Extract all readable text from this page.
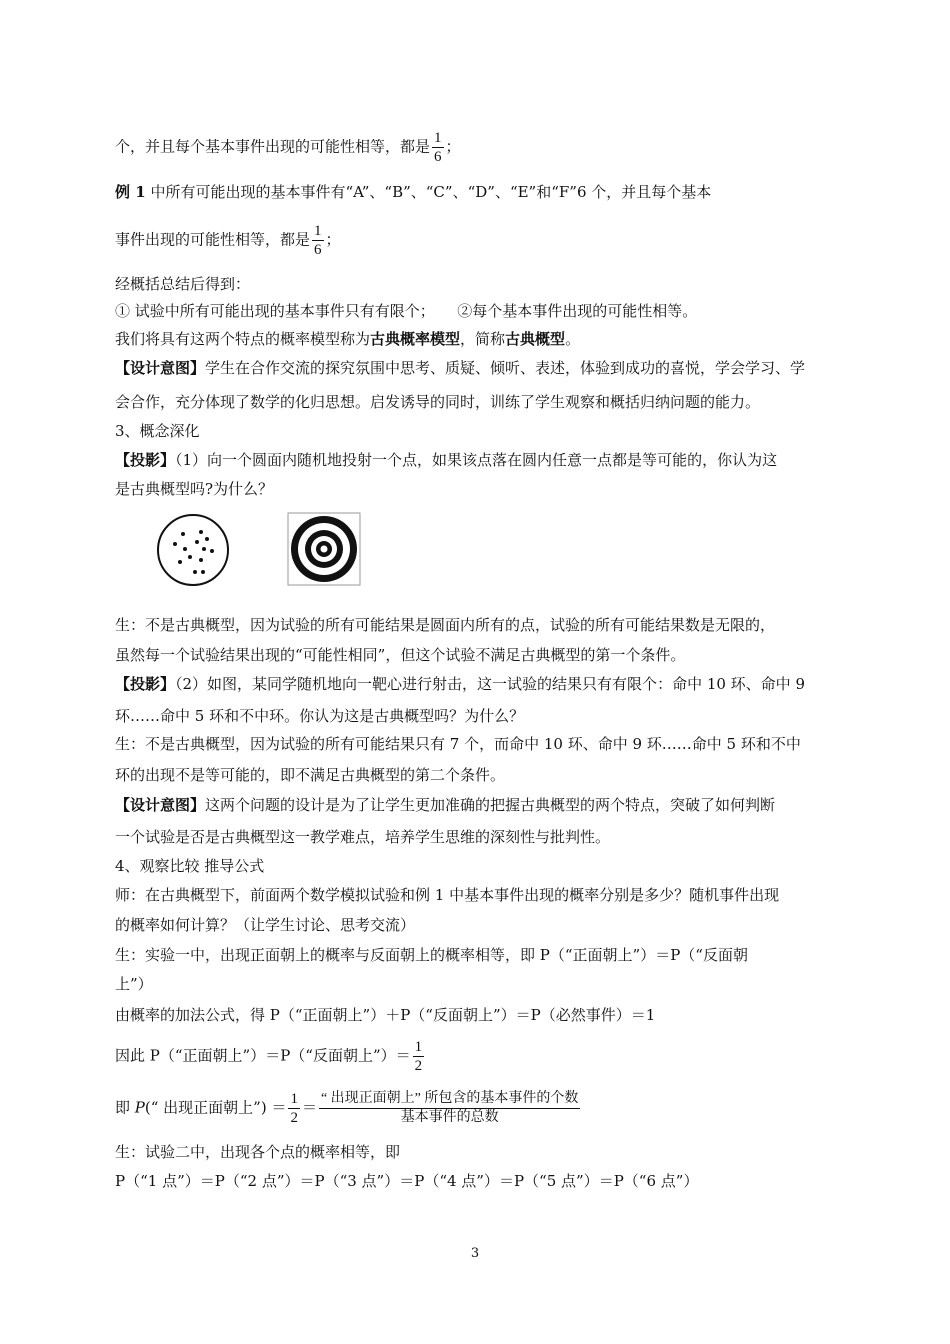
个，并且每个基本事件出现的可能性相等，都是 $\frac{1}{6}$ ；
例 1 中所有可能出现的基本事件有“A”、“B”、“C”、“D”、“E”和“F”6 个，并且每个基本
事件出现的可能性相等，都是 $\frac{1}{6}$ ；
经概括总结后得到：
① 试验中所有可能出现的基本事件只有有限个；　　②每个基本事件出现的可能性相等。
我们将具有这两个特点的概率模型称为古典概率模型，简称古典概型。
【设计意图】学生在合作交流的探究氛围中思考、质疑、倾听、表述，体验到成功的喜悦，学会学习、学
会合作，充分体现了数学的化归思想。启发诱导的同时，训练了学生观察和概括归纳问题的能力。
3、概念深化
【投影】（1）向一个圆面内随机地投射一个点，如果该点落在圆内任意一点都是等可能的，你认为这
是古典概型吗?为什么？
生：不是古典概型，因为试验的所有可能结果是圆面内所有的点，试验的所有可能结果数是无限的，
虽然每一个试验结果出现的“可能性相同”，但这个试验不满足古典概型的第一个条件。
【投影】（2）如图，某同学随机地向一靶心进行射击，这一试验的结果只有有限个：命中 10 环、命中 9
环……命中 5 环和不中环。你认为这是古典概型吗？为什么？
生：不是古典概型，因为试验的所有可能结果只有 7 个，而命中 10 环、命中 9 环……命中 5 环和不中
环的出现不是等可能的，即不满足古典概型的第二个条件。
【设计意图】这两个问题的设计是为了让学生更加准确的把握古典概型的两个特点，突破了如何判断
一个试验是否是古典概型这一教学难点，培养学生思维的深刻性与批判性。
4、观察比较 推导公式
师：在古典概型下，前面两个数学模拟试验和例 1 中基本事件出现的概率分别是多少？随机事件出现
的概率如何计算？（让学生讨论、思考交流）
生：实验一中，出现正面朝上的概率与反面朝上的概率相等，即 P（“正面朝上”）＝P（“反面朝
上”）
由概率的加法公式，得 P（“正面朝上”）＋P（“反面朝上”）＝P（必然事件）＝1
因此 P（“正面朝上”）＝P（“反面朝上”）＝ $\frac{1}{2}$
即 P(“ 出现正面朝上”) ＝ $\frac{1}{2} = \frac{\text{“ 出现正面朝上” 所包含的基本事件的个数}}{\text{基本事件的总数}}$
生：试验二中，出现各个点的概率相等，即
P（“1 点”）＝P（“2 点”）＝P（“3 点”）＝P（“4 点”）＝P（“5 点”）＝P（“6 点”）
3
